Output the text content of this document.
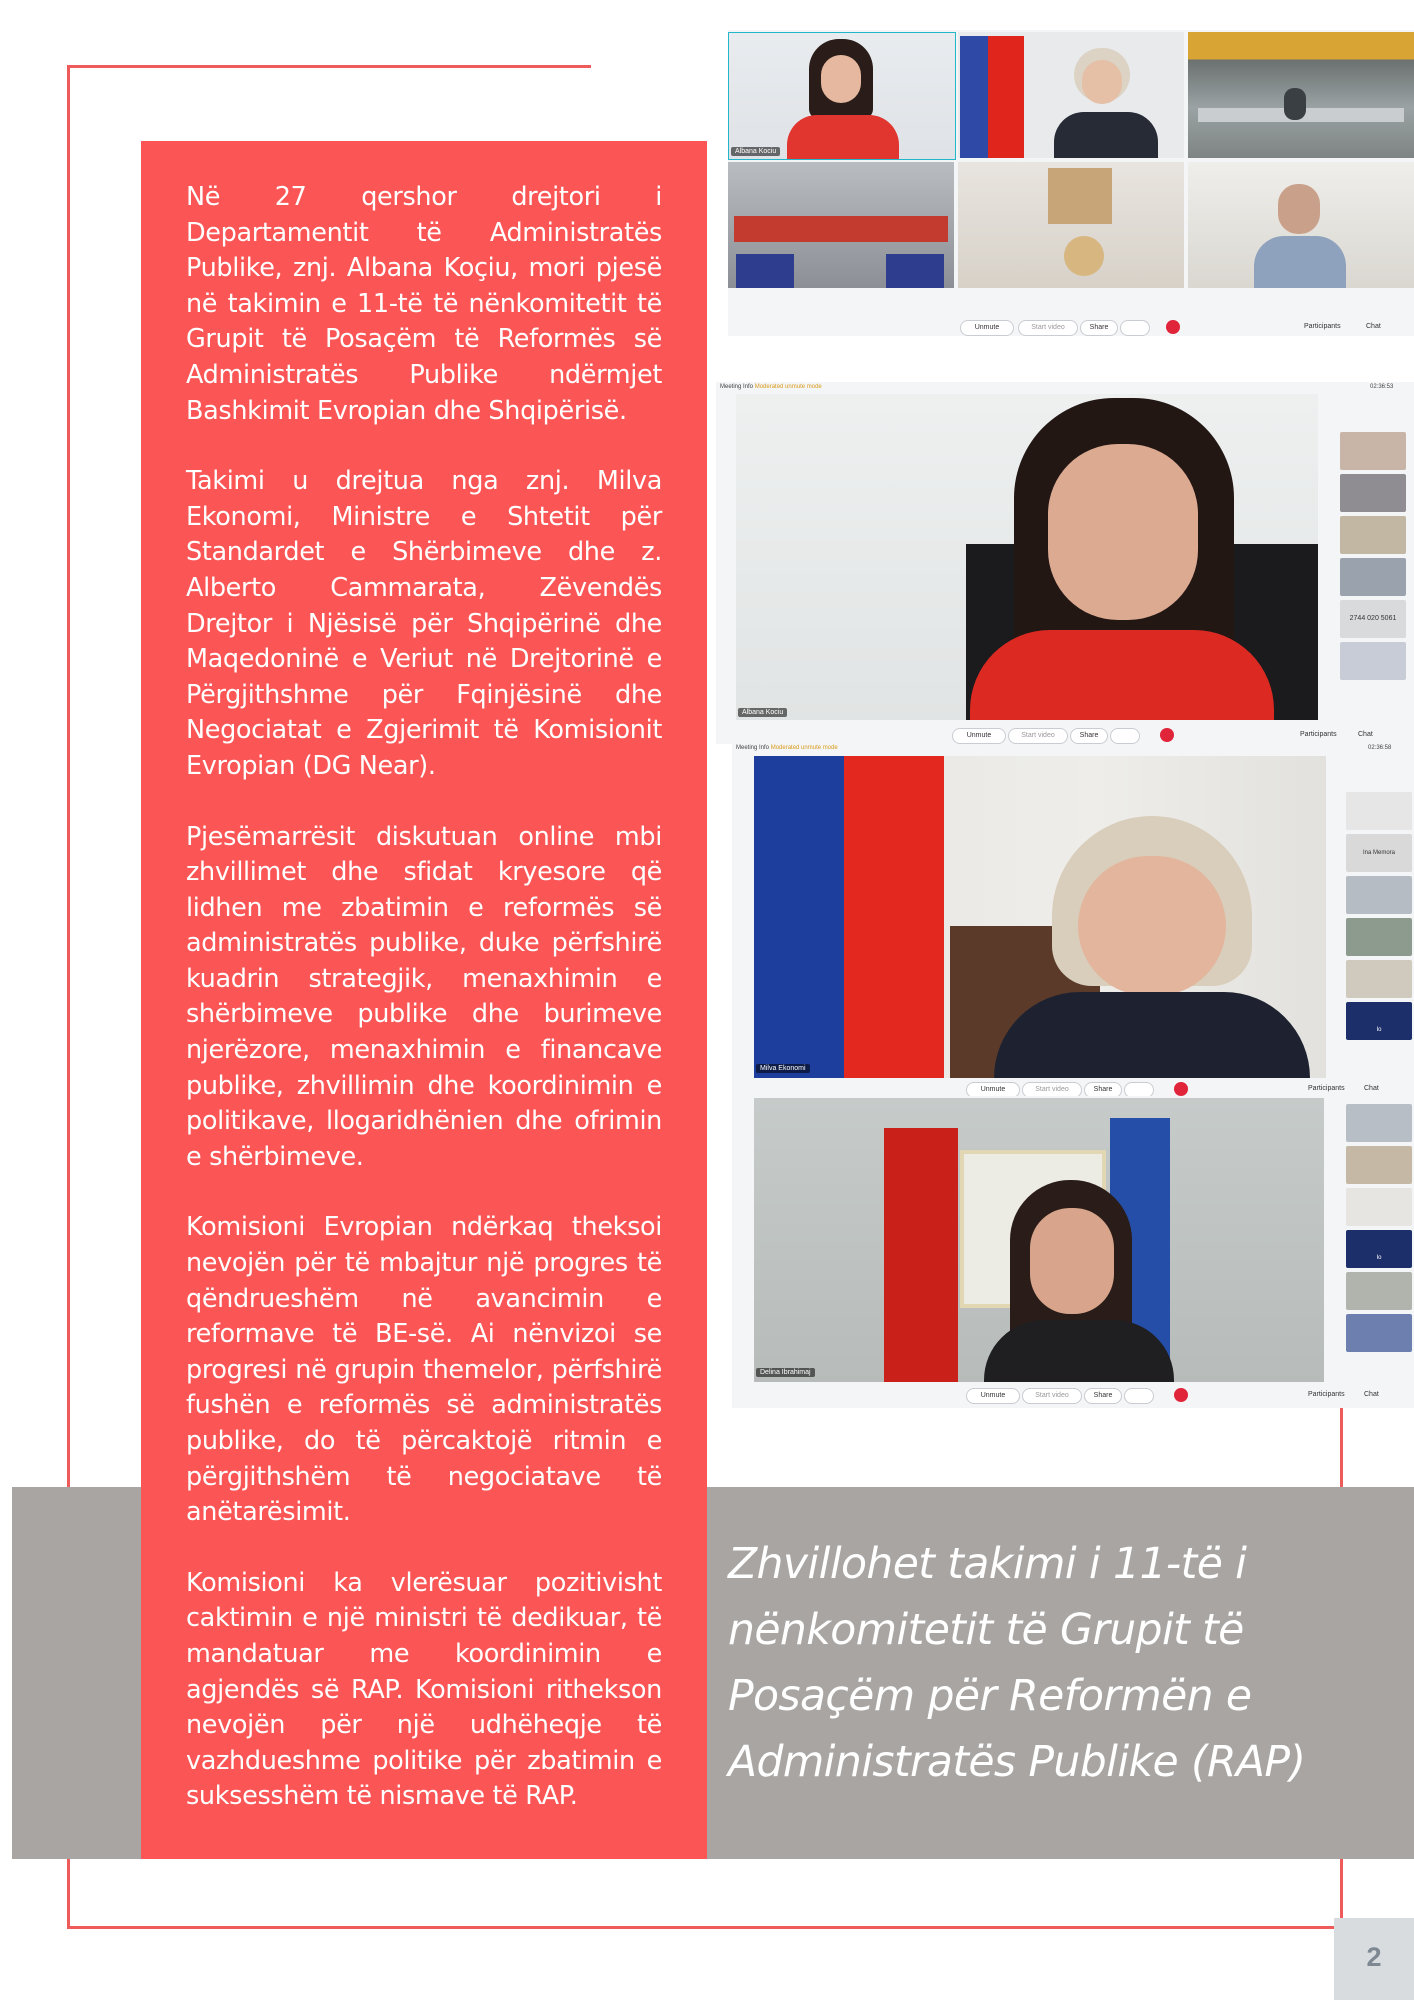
Në 27 qershor drejtori i Departamentit të Administratës Publike, znj. Albana Koçiu, mori pjesë në takimin e 11-të të nënkomitetit të Grupit të Posaçëm të Reformës së Administratës Publike ndërmjet Bashkimit Evropian dhe Shqipërisë.

Takimi u drejtua nga znj. Milva Ekonomi, Ministre e Shtetit për Standardet e Shërbimeve dhe z. Alberto Cammarata, Zëvendës Drejtor i Njësisë për Shqipërinë dhe Maqedoninë e Veriut në Drejtorinë e Përgjithshme për Fqinjësinë dhe Negociatat e Zgjerimit të Komisionit Evropian (DG Near).

Pjesëmarrësit diskutuan online mbi zhvillimet dhe sfidat kryesore që lidhen me zbatimin e reformës së administratës publike, duke përfshirë kuadrin strategjik, menaxhimin e shërbimeve publike dhe burimeve njerëzore, menaxhimin e financave publike, zhvillimin dhe koordinimin e politikave, llogaridhënien dhe ofrimin e shërbimeve.

Komisioni Evropian ndërkaq theksoi nevojën për të mbajtur një progres të qëndrueshëm në avancimin e reformave të BE-së. Ai nënvizoi se progresi në grupin themelor, përfshirë fushën e reformës së administratës publike, do të përcaktojë ritmin e përgjithshëm të negociatave të anëtarësimit.

Komisioni ka vlerësuar pozitivisht caktimin e një ministri të dedikuar, të mandatuar me koordinimin e agjendës së RAP. Komisioni rithekson nevojën për një udhëheqje të vazhdueshme politike për zbatimin e suksesshëm të nismave të RAP.

Zhvillohet takimi i 11-të i nënkomitetit të Grupit të Posaçëm për Reformën e Administratës Publike (RAP)
2
Albana Kociu
Unmute	Start video	Share	Participants	Chat
Meeting Info Moderated unmute mode	02:36:53
Albana Kociu
2744 020 5061
Unmute	Start video	Share	Participants	Chat
Meeting Info Moderated unmute mode	02:36:58
Milva Ekonomi
Ina Memora
Io
Unmute	Start video	Share	Participants	Chat
Delina Ibrahimaj
Io
Unmute	Start video	Share	Participants	Chat
